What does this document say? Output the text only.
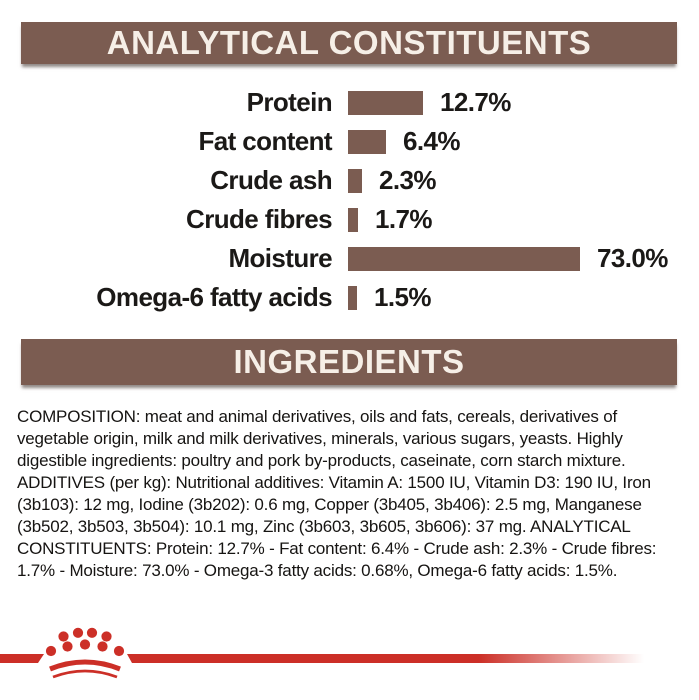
ANALYTICAL CONSTITUENTS
Protein	12.7%
Fat content	6.4%
Crude ash 2.3%
Crude fibres 1.7%
Moisture	73.0%
Omega-6 fatty acids 1.5%
INGREDIENTS

COMPOSITION: meat and animal derivatives, oils and fats, cereals, derivatives of vegetable origin, milk and milk derivatives, minerals, various sugars, yeasts. Highly digestible ingredients: poultry and pork by-products, caseinate, corn starch mixture. ADDITIVES (per kg): Nutritional additives: Vitamin A: 1500 IU, Vitamin D3: 190 IU, Iron (3b103): 12 mg, Iodine (3b202): 0.6 mg, Copper (3b405, 3b406): 2.5 mg, Manganese (3b502, 3b503, 3b504): 10.1 mg, Zinc (3b603, 3b605, 3b606): 37 mg. ANALYTICAL CONSTITUENTS: Protein: 12.7% - Fat content: 6.4% - Crude ash: 2.3% - Crude fibres: 1.7% - Moisture: 73.0% - Omega-3 fatty acids: 0.68%, Omega-6 fatty acids: 1.5%.
